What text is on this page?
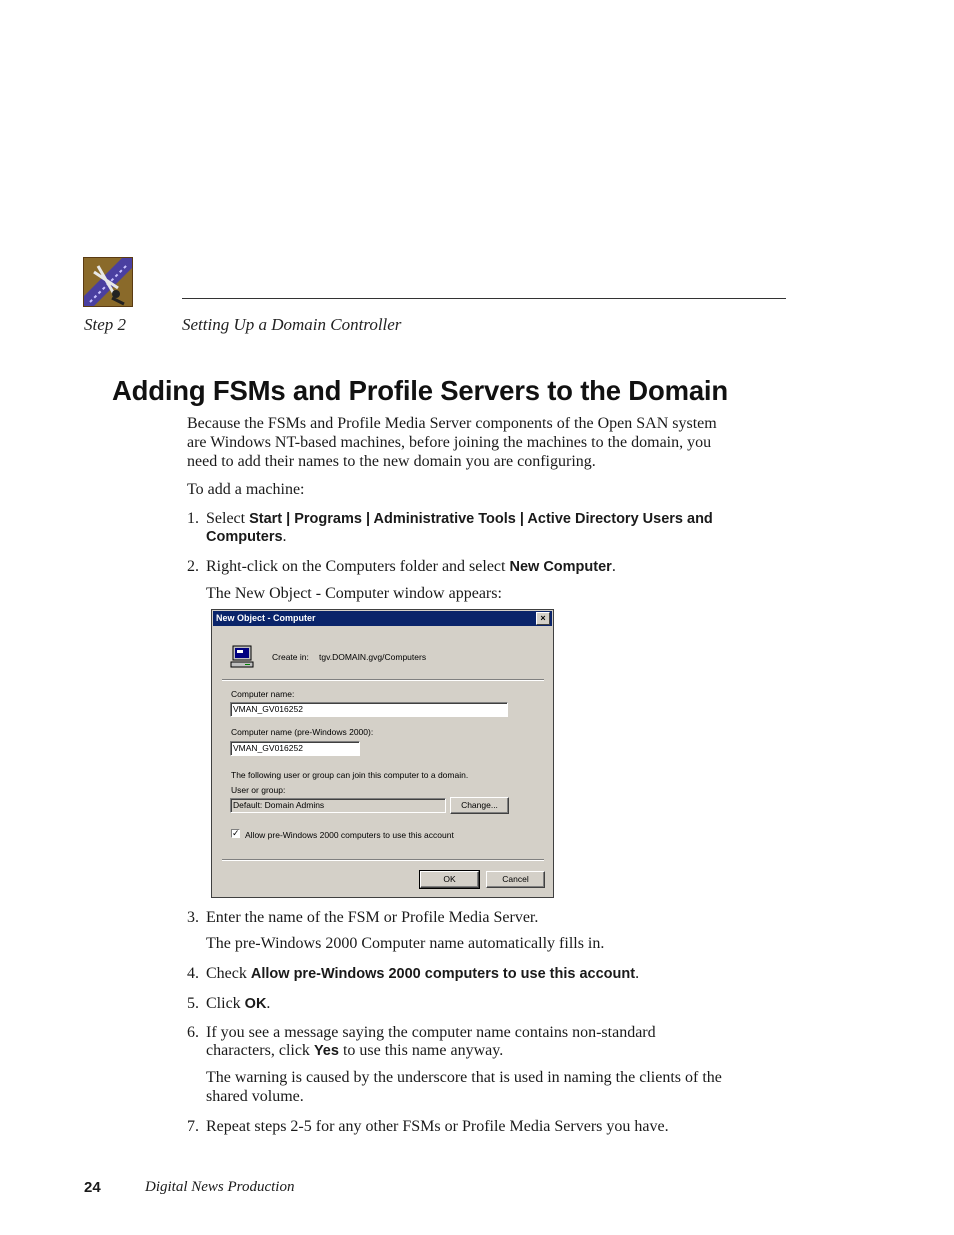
Step 2	Setting Up a Domain Controller
Adding FSMs and Profile Servers to the Domain

Because the FSMs and Profile Media Server components of the Open SAN system are Windows NT-based machines, before joining the machines to the domain, you need to add their names to the new domain you are configuring.

To add a machine:

1. Select Start | Programs | Administrative Tools | Active Directory Users and Computers.
2. Right-click on the Computers folder and select New Computer.

The New Object - Computer window appears:

New Object - Computer	×
Create in: tgv.DOMAIN.gvg/Computers
Computer name:
VMAN_GV016252
Computer name (pre-Windows 2000):
VMAN_GV016252
The following user or group can join this computer to a domain.
User or group:
Default: Domain Admins	Change...
✓ Allow pre-Windows 2000 computers to use this account
OK	Cancel
3. Enter the name of the FSM or Profile Media Server.

The pre-Windows 2000 Computer name automatically fills in.

4. Check Allow pre-Windows 2000 computers to use this account.
5. Click OK.
6. If you see a message saying the computer name contains non-standard characters, click Yes to use this name anyway.

The warning is caused by the underscore that is used in naming the clients of the shared volume.

7. Repeat steps 2-5 for any other FSMs or Profile Media Servers you have.
24	Digital News Production
